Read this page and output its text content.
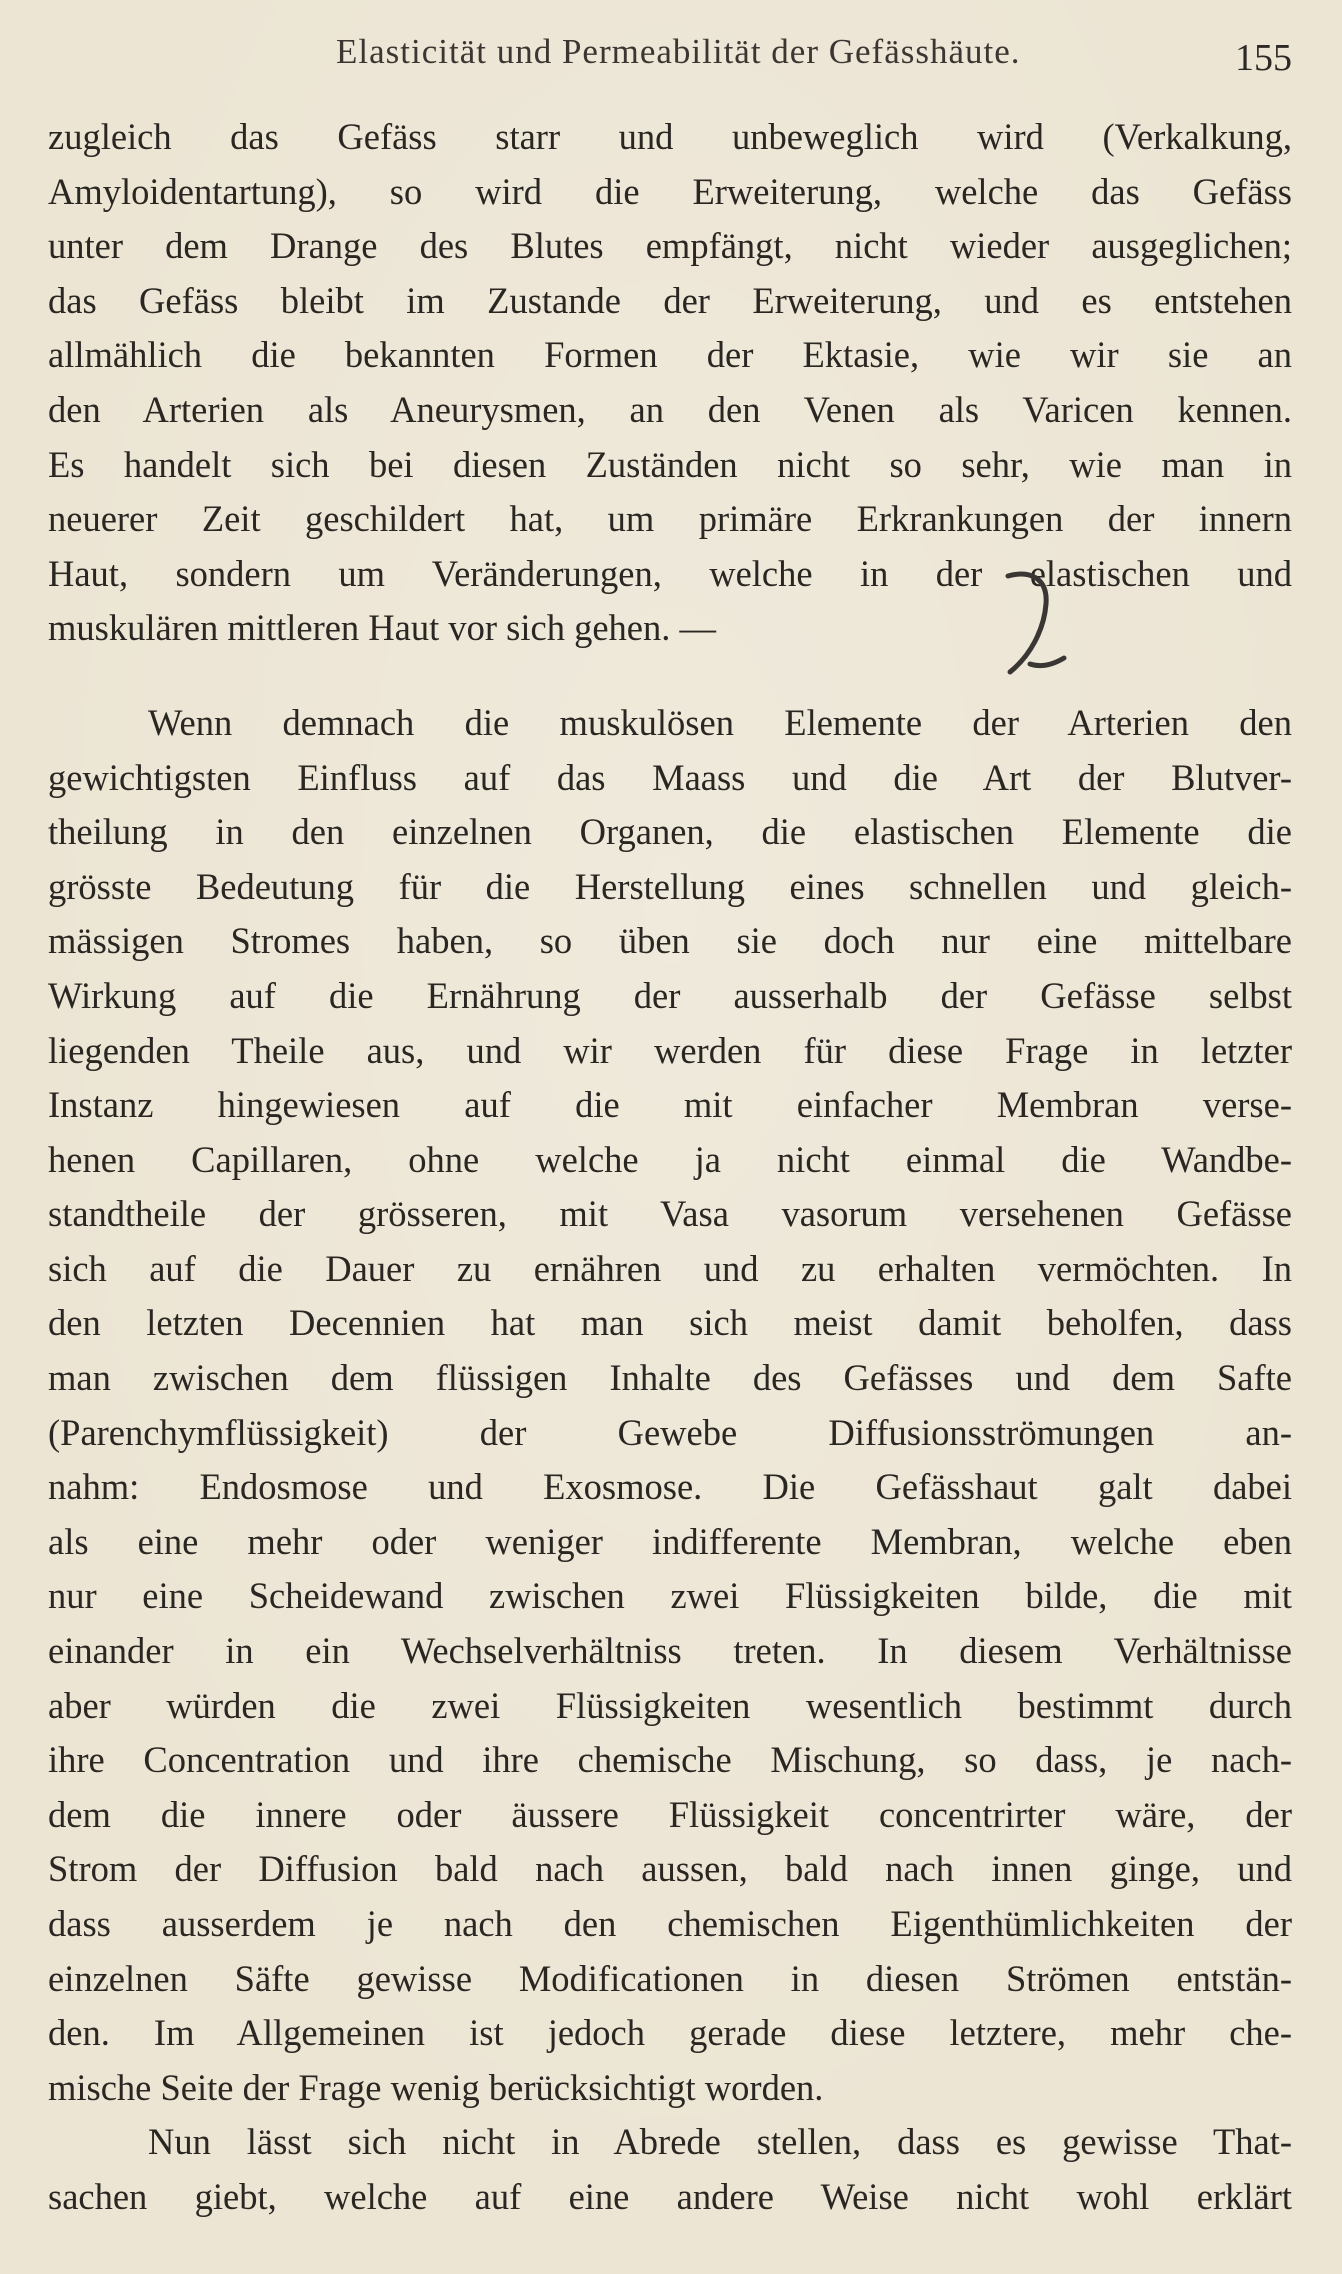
Elasticität und Permeabilität der Gefässhäute.	155
zugleich das Gefäss starr und unbeweglich wird (Verkalkung,
Amyloidentartung), so wird die Erweiterung, welche das Gefäss
unter dem Drange des Blutes empfängt, nicht wieder ausgeglichen;
das Gefäss bleibt im Zustande der Erweiterung, und es entstehen
allmählich die bekannten Formen der Ektasie, wie wir sie an
den Arterien als Aneurysmen, an den Venen als Varicen kennen.
Es handelt sich bei diesen Zuständen nicht so sehr, wie man in
neuerer Zeit geschildert hat, um primäre Erkrankungen der innern
Haut, sondern um Veränderungen, welche in der elastischen und
muskulären mittleren Haut vor sich gehen. —
Wenn demnach die muskulösen Elemente der Arterien den
gewichtigsten Einfluss auf das Maass und die Art der Blutver-
theilung in den einzelnen Organen, die elastischen Elemente die
grösste Bedeutung für die Herstellung eines schnellen und gleich-
mässigen Stromes haben, so üben sie doch nur eine mittelbare
Wirkung auf die Ernährung der ausserhalb der Gefässe selbst
liegenden Theile aus, und wir werden für diese Frage in letzter
Instanz hingewiesen auf die mit einfacher Membran verse-
henen Capillaren, ohne welche ja nicht einmal die Wandbe-
standtheile der grösseren, mit Vasa vasorum versehenen Gefässe
sich auf die Dauer zu ernähren und zu erhalten vermöchten. In
den letzten Decennien hat man sich meist damit beholfen, dass
man zwischen dem flüssigen Inhalte des Gefässes und dem Safte
(Parenchymflüssigkeit) der Gewebe Diffusionsströmungen an-
nahm: Endosmose und Exosmose. Die Gefässhaut galt dabei
als eine mehr oder weniger indifferente Membran, welche eben
nur eine Scheidewand zwischen zwei Flüssigkeiten bilde, die mit
einander in ein Wechselverhältniss treten. In diesem Verhältnisse
aber würden die zwei Flüssigkeiten wesentlich bestimmt durch
ihre Concentration und ihre chemische Mischung, so dass, je nach-
dem die innere oder äussere Flüssigkeit concentrirter wäre, der
Strom der Diffusion bald nach aussen, bald nach innen ginge, und
dass ausserdem je nach den chemischen Eigenthümlichkeiten der
einzelnen Säfte gewisse Modificationen in diesen Strömen entstän-
den. Im Allgemeinen ist jedoch gerade diese letztere, mehr che-
mische Seite der Frage wenig berücksichtigt worden.
Nun lässt sich nicht in Abrede stellen, dass es gewisse That-
sachen giebt, welche auf eine andere Weise nicht wohl erklärt
